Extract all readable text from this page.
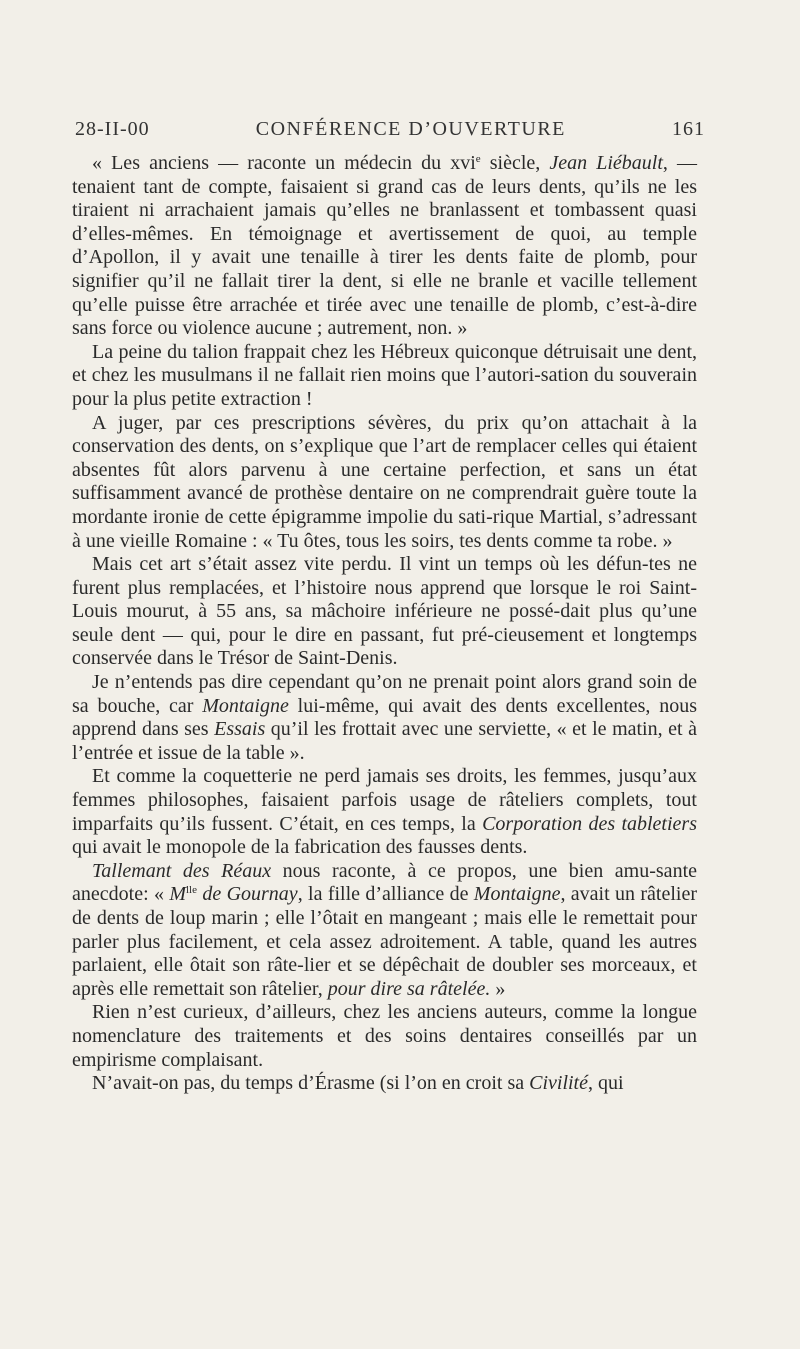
28-II-00	CONFÉRENCE D’OUVERTURE	161

« Les anciens — raconte un médecin du xvi$^e$ siècle, Jean Liébault, — tenaient tant de compte, faisaient si grand cas de leurs dents, qu’ils ne les tiraient ni arrachaient jamais qu’elles ne branlassent et tombassent quasi d’elles-mêmes. En témoignage et avertissement de quoi, au temple d’Apollon, il y avait une tenaille à tirer les dents faite de plomb, pour signifier qu’il ne fallait tirer la dent, si elle ne branle et vacille tellement qu’elle puisse être arrachée et tirée avec une tenaille de plomb, c’est-à-dire sans force ou violence aucune ; autrement, non. »

La peine du talion frappait chez les Hébreux quiconque détruisait une dent, et chez les musulmans il ne fallait rien moins que l’autori-sation du souverain pour la plus petite extraction !

A juger, par ces prescriptions sévères, du prix qu’on attachait à la conservation des dents, on s’explique que l’art de remplacer celles qui étaient absentes fût alors parvenu à une certaine perfection, et sans un état suffisamment avancé de prothèse dentaire on ne comprendrait guère toute la mordante ironie de cette épigramme impolie du sati-rique Martial, s’adressant à une vieille Romaine : « Tu ôtes, tous les soirs, tes dents comme ta robe. »

Mais cet art s’était assez vite perdu. Il vint un temps où les défun-tes ne furent plus remplacées, et l’histoire nous apprend que lorsque le roi Saint-Louis mourut, à 55 ans, sa mâchoire inférieure ne possé-dait plus qu’une seule dent — qui, pour le dire en passant, fut pré-cieusement et longtemps conservée dans le Trésor de Saint-Denis.

Je n’entends pas dire cependant qu’on ne prenait point alors grand soin de sa bouche, car Montaigne lui-même, qui avait des dents excellentes, nous apprend dans ses Essais qu’il les frottait avec une serviette, « et le matin, et à l’entrée et issue de la table ».

Et comme la coquetterie ne perd jamais ses droits, les femmes, jusqu’aux femmes philosophes, faisaient parfois usage de râteliers complets, tout imparfaits qu’ils fussent. C’était, en ces temps, la Corporation des tabletiers qui avait le monopole de la fabrication des fausses dents.

Tallemant des Réaux nous raconte, à ce propos, une bien amu-sante anecdote: « $M^{lle}$ de Gournay, la fille d’alliance de Montaigne, avait un râtelier de dents de loup marin ; elle l’ôtait en mangeant ; mais elle le remettait pour parler plus facilement, et cela assez adroitement. A table, quand les autres parlaient, elle ôtait son râte-lier et se dépêchait de doubler ses morceaux, et après elle remettait son râtelier, pour dire sa râtelée. »

Rien n’est curieux, d’ailleurs, chez les anciens auteurs, comme la longue nomenclature des traitements et des soins dentaires conseillés par un empirisme complaisant.

N’avait-on pas, du temps d’Érasme (si l’on en croit sa Civilité, qui
